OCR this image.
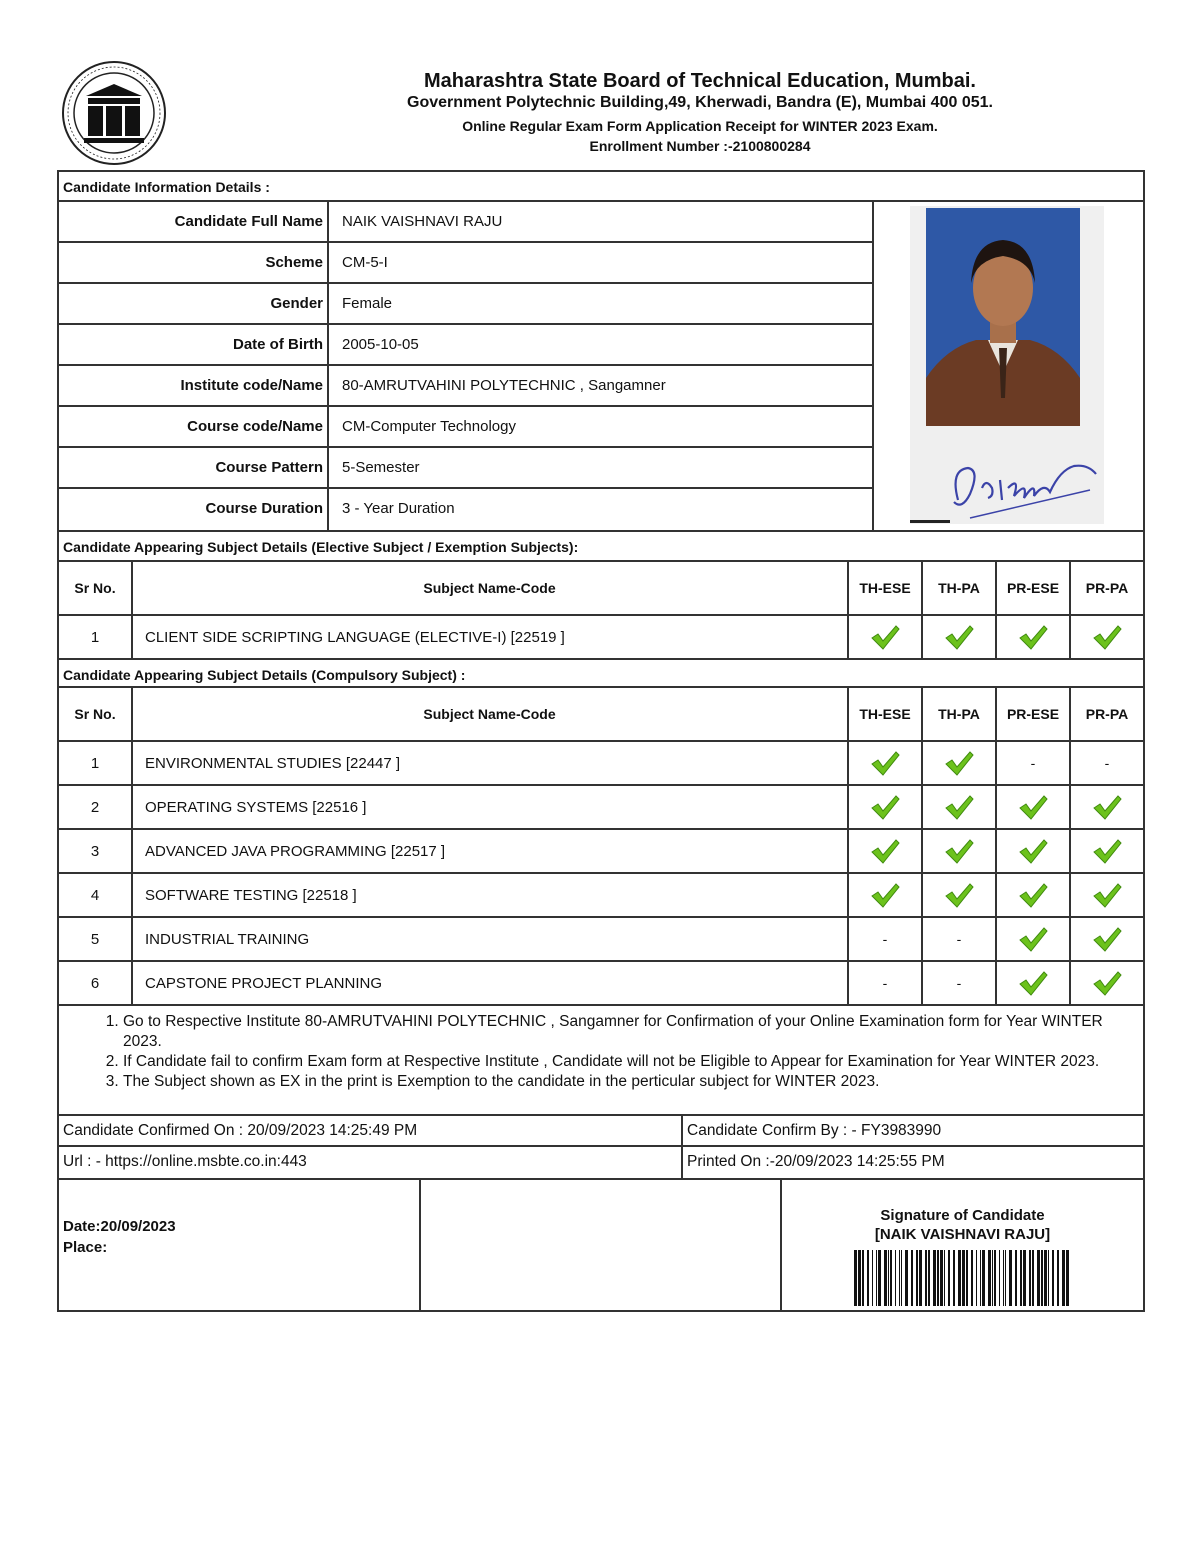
Maharashtra State Board of Technical Education, Mumbai.
Government Polytechnic Building,49, Kherwadi, Bandra (E), Mumbai 400 051.
Online Regular Exam Form Application Receipt for WINTER 2023 Exam.
Enrollment Number :-2100800284
Candidate Information Details :
Candidate Full Name	NAIK VAISHNAVI RAJU
Scheme	CM-5-I
Gender	Female
Date of Birth	2005-10-05
Institute code/Name	80-AMRUTVAHINI POLYTECHNIC , Sangamner
Course code/Name	CM-Computer Technology
Course Pattern	5-Semester
Course Duration	3 - Year Duration
Candidate Appearing Subject Details (Elective Subject / Exemption Subjects):
Sr No.	Subject Name-Code	TH-ESE	TH-PA	PR-ESE	PR-PA
1	CLIENT SIDE SCRIPTING LANGUAGE (ELECTIVE-I) [22519 ]				
Candidate Appearing Subject Details (Compulsory Subject) :
Sr No.	Subject Name-Code	TH-ESE	TH-PA	PR-ESE	PR-PA
1	ENVIRONMENTAL STUDIES [22447 ]			-	-
2	OPERATING SYSTEMS [22516 ]				
3	ADVANCED JAVA PROGRAMMING [22517 ]				
4	SOFTWARE TESTING [22518 ]				
5	INDUSTRIAL TRAINING	-	-		
6	CAPSTONE PROJECT PLANNING	-	-		
1. Go to Respective Institute 80-AMRUTVAHINI POLYTECHNIC , Sangamner for Confirmation of your Online Examination form for Year WINTER 2023.
2. If Candidate fail to confirm Exam form at Respective Institute , Candidate will not be Eligible to Appear for Examination for Year WINTER 2023.
3. The Subject shown as EX in the print is Exemption to the candidate in the perticular subject for WINTER 2023.
Candidate Confirmed On : 20/09/2023 14:25:49 PM	Candidate Confirm By : - FY3983990
Url : - https://online.msbte.co.in:443	Printed On :-20/09/2023 14:25:55 PM
Date:20/09/2023
Place:
Signature of Candidate
[NAIK VAISHNAVI RAJU]
